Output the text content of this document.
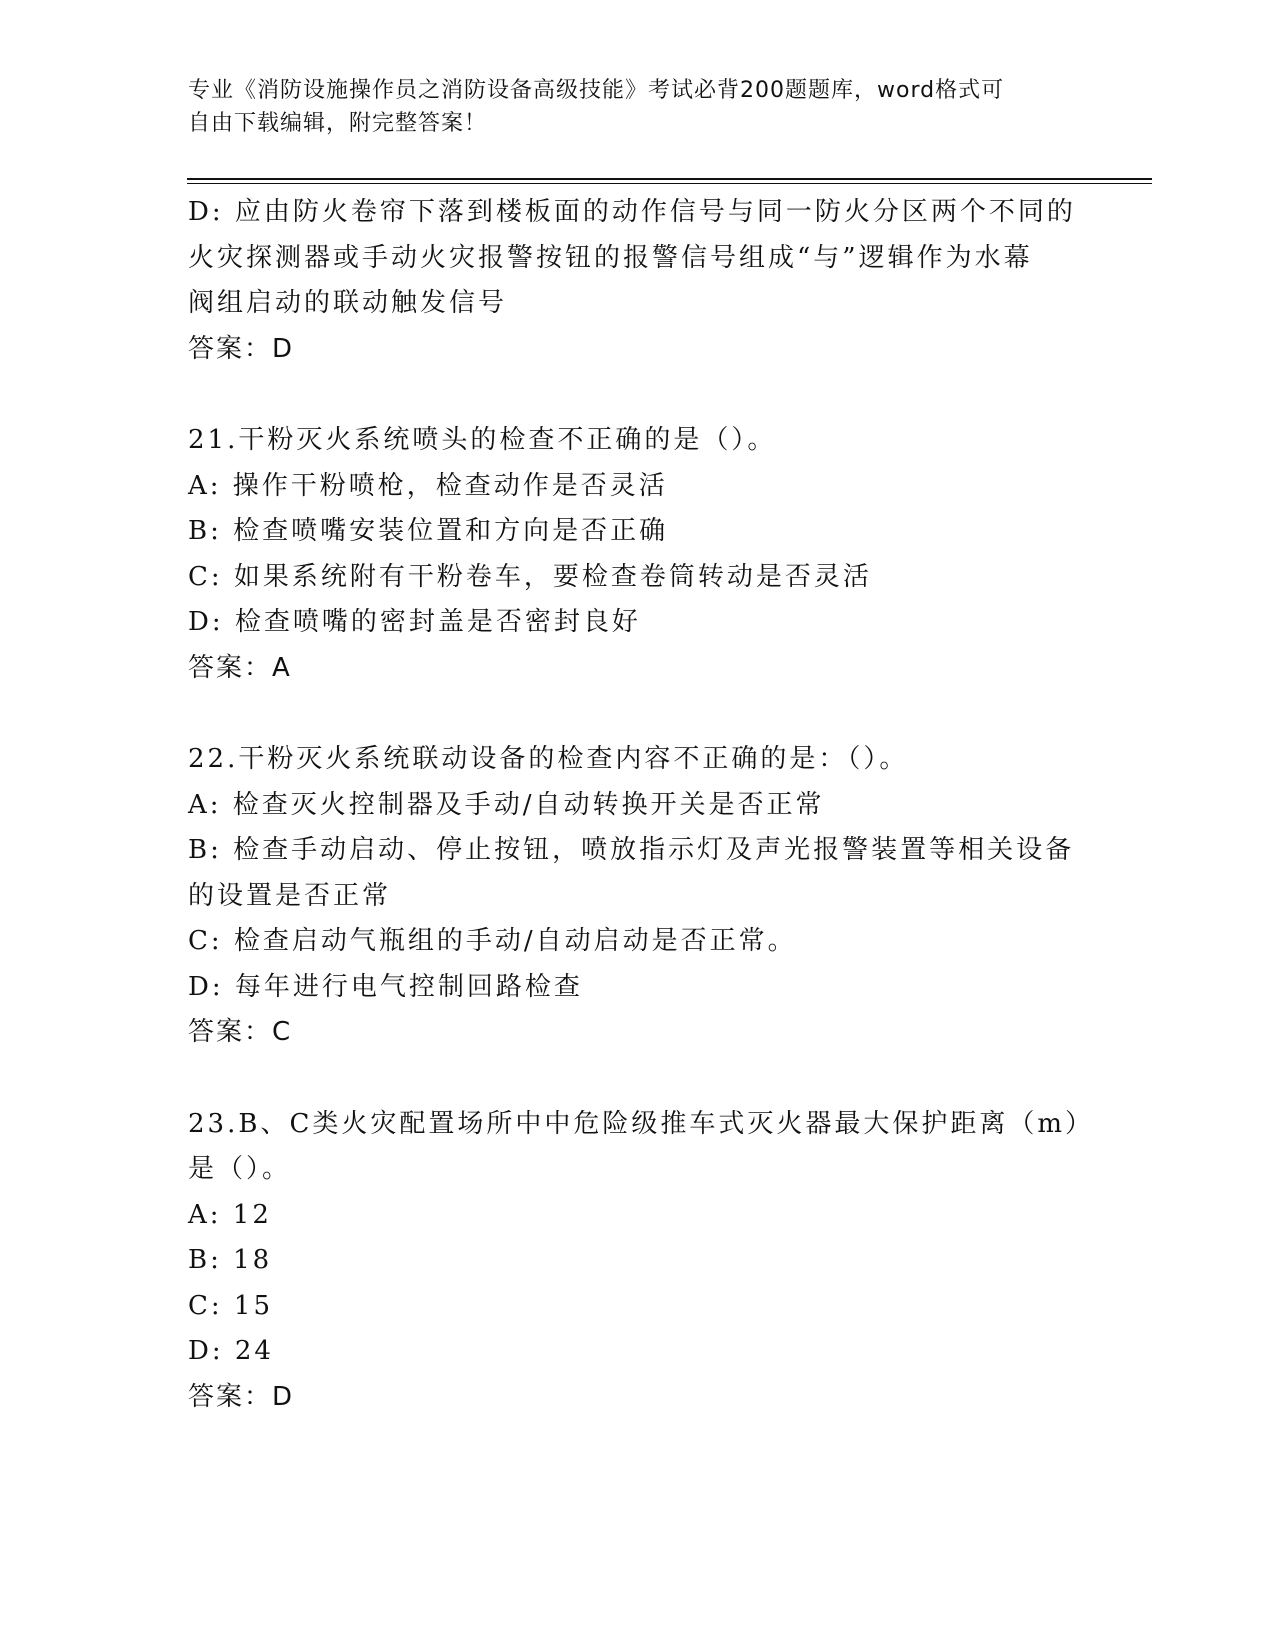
专业《消防设施操作员之消防设备高级技能》考试必背200题题库，word格式可
自由下载编辑，附完整答案！
D: 应由防火卷帘下落到楼板面的动作信号与同一防火分区两个不同的
火灾探测器或手动火灾报警按钮的报警信号组成“与”逻辑作为水幕
阀组启动的联动触发信号
答案：D
21.干粉灭火系统喷头的检查不正确的是（）。
A: 操作干粉喷枪，检查动作是否灵活
B: 检查喷嘴安装位置和方向是否正确
C: 如果系统附有干粉卷车，要检查卷筒转动是否灵活
D: 检查喷嘴的密封盖是否密封良好
答案：A
22.干粉灭火系统联动设备的检查内容不正确的是：（）。
A: 检查灭火控制器及手动/自动转换开关是否正常
B: 检查手动启动、停止按钮，喷放指示灯及声光报警装置等相关设备
的设置是否正常
C: 检查启动气瓶组的手动/自动启动是否正常。
D: 每年进行电气控制回路检查
答案：C
23.B、C类火灾配置场所中中危险级推车式灭火器最大保护距离（m）
是（）。
A: 12
B: 18
C: 15
D: 24
答案：D
